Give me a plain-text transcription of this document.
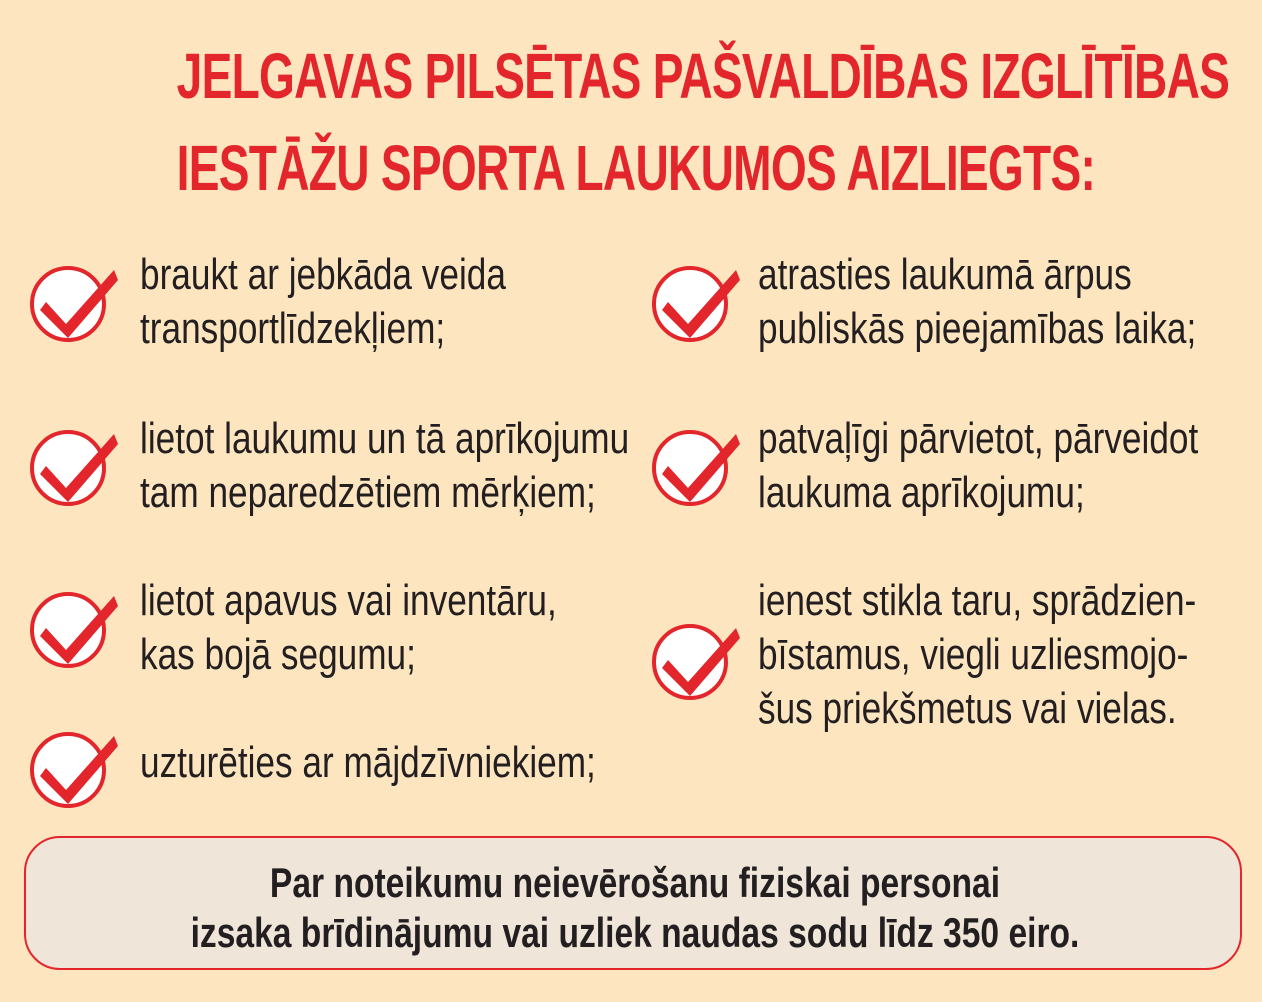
JELGAVAS PILSĒTAS PAŠVALDĪBAS IZGLĪTĪBAS
IESTĀŽU SPORTA LAUKUMOS AIZLIEGTS:
braukt ar jebkāda veida
transportlīdzekļiem;
lietot laukumu un tā aprīkojumu
tam neparedzētiem mērķiem;
lietot apavus vai inventāru,
kas bojā segumu;
uzturēties ar mājdzīvniekiem;
atrasties laukumā ārpus
publiskās pieejamības laika;
patvaļīgi pārvietot, pārveidot
laukuma aprīkojumu;
ienest stikla taru, sprādzien-
bīstamus, viegli uzliesmojo-
šus priekšmetus vai vielas.
Par noteikumu neievērošanu fiziskai personai
izsaka brīdinājumu vai uzliek naudas sodu līdz 350 eiro.
